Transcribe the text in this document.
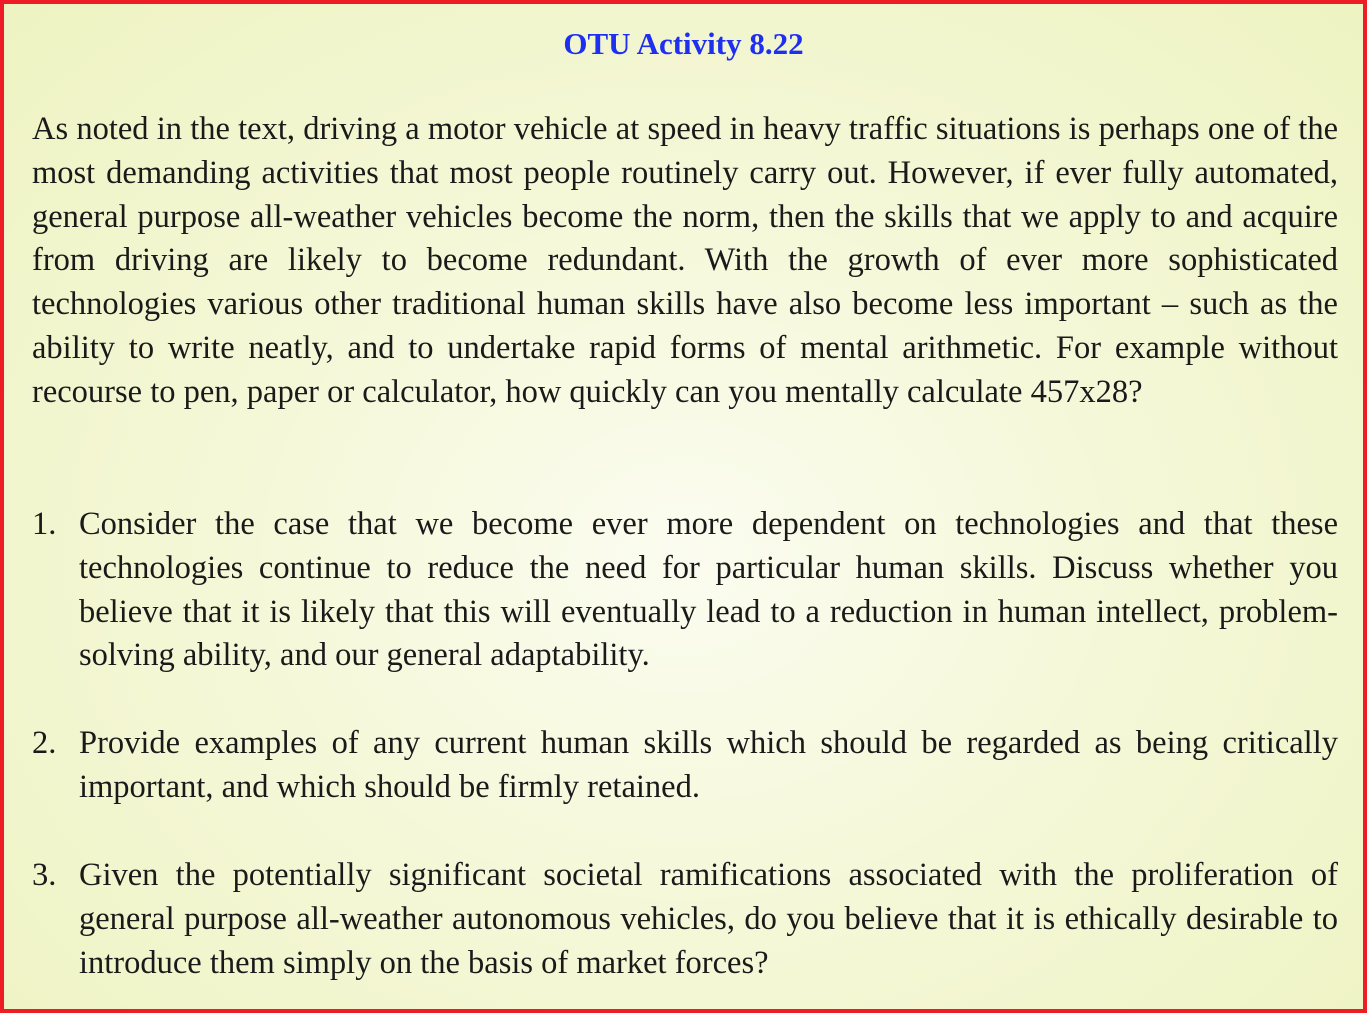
OTU Activity 8.22

As noted in the text, driving a motor vehicle at speed in heavy traffic situations is perhaps one of the most demanding activities that most people routinely carry out. However, if ever fully automated, general purpose all-weather vehicles become the norm, then the skills that we apply to and acquire from driving are likely to become redundant. With the growth of ever more sophisticated technologies various other traditional human skills have also become less important – such as the ability to write neatly, and to undertake rapid forms of mental arithmetic. For example without recourse to pen, paper or calculator, how quickly can you mentally calculate 457x28?

1. Consider the case that we become ever more dependent on technologies and that these technologies continue to reduce the need for particular human skills. Discuss whether you believe that it is likely that this will eventually lead to a reduction in human intellect, problem-solving ability, and our general adaptability.

2. Provide examples of any current human skills which should be regarded as being critically important, and which should be firmly retained.

3. Given the potentially significant societal ramifications associated with the proliferation of general purpose all-weather autonomous vehicles, do you believe that it is ethically desirable to introduce them simply on the basis of market forces?
